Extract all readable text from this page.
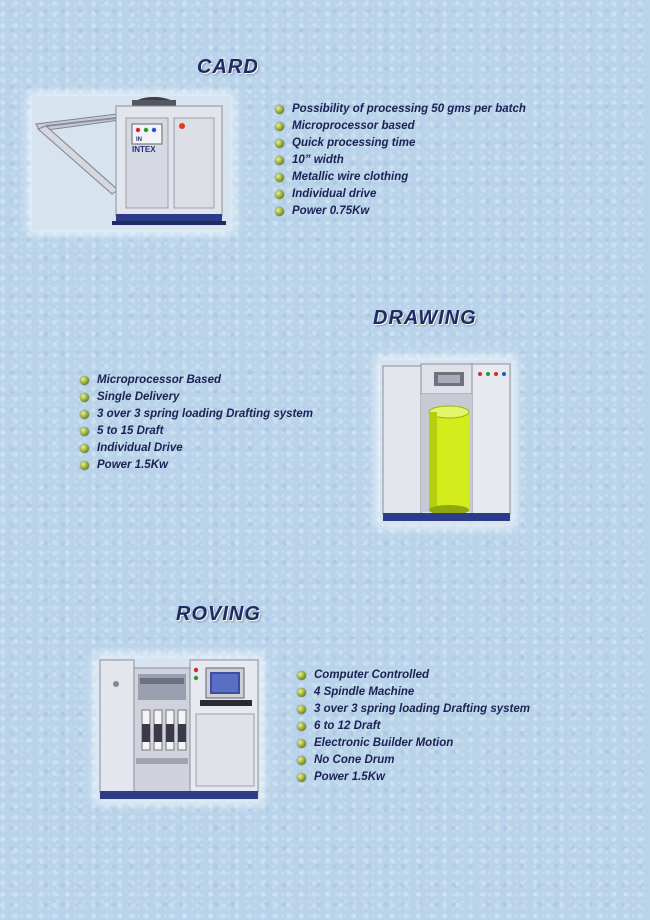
CARD
IN
INTEX
Possibility of processing 50 gms per batch
Microprocessor based
Quick processing time
10” width
Metallic wire clothing
Individual drive
Power 0.75Kw
DRAWING
Microprocessor Based
Single Delivery
3 over 3 spring loading Drafting system
5 to 15 Draft
Individual Drive
Power 1.5Kw
ROVING
Computer Controlled
4 Spindle Machine
3 over 3 spring loading Drafting system
6 to 12 Draft
Electronic Builder Motion
No Cone Drum
Power 1.5Kw
